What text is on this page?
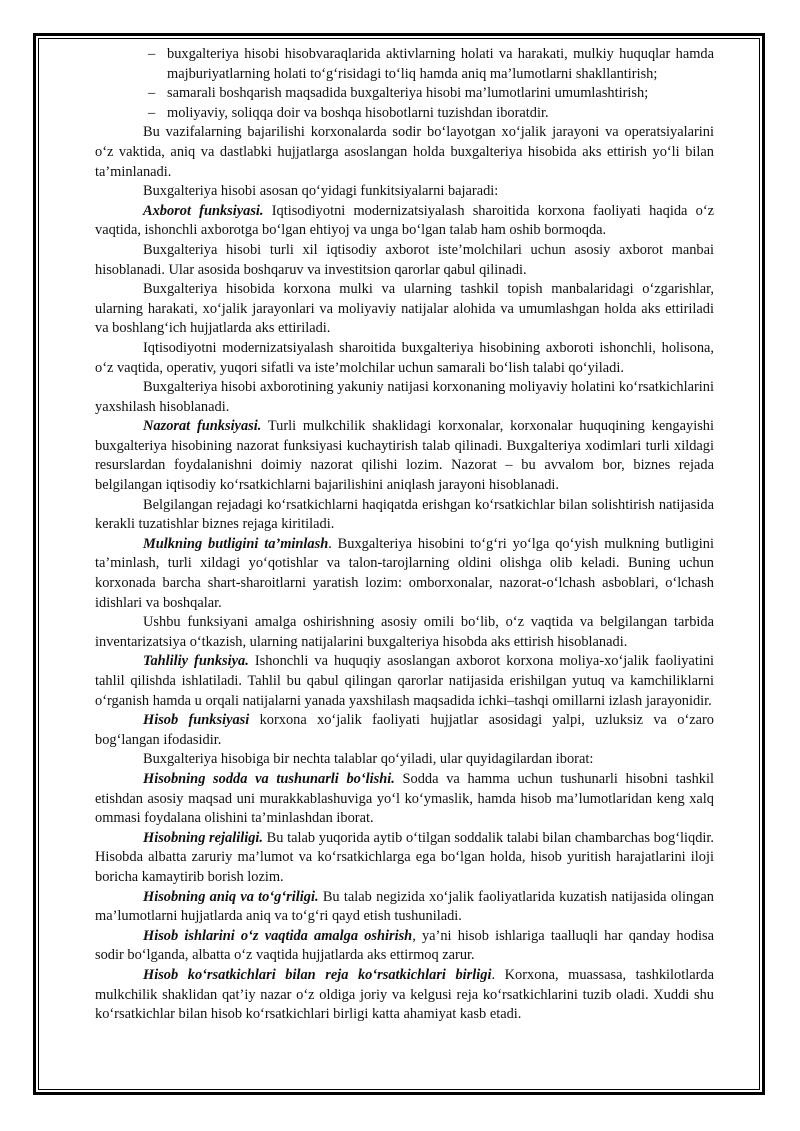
– buxgalteriya hisobi hisobvaraqlarida aktivlarning holati va harakati, mulkiy huquqlar hamda majburiyatlarning holati to‘g‘risidagi to‘liq hamda aniq ma’lumotlarni shakllantirish;
– samarali boshqarish maqsadida buxgalteriya hisobi ma’lumotlarini umumlashtirish;
– moliyaviy, soliqqa doir va boshqa hisobotlarni tuzishdan iboratdir.

Bu vazifalarning bajarilishi korxonalarda sodir bo‘layotgan xo‘jalik jarayoni va operatsiyalarini o‘z vaktida, aniq va dastlabki hujjatlarga asoslangan holda buxgalteriya hisobida aks ettirish yo‘li bilan ta’minlanadi.

Buxgalteriya hisobi asosan qo‘yidagi funkitsiyalarni bajaradi:

Axborot funksiyasi. Iqtisodiyotni modernizatsiyalash sharoitida korxona faoliyati haqida o‘z vaqtida, ishonchli axborotga bo‘lgan ehtiyoj va unga bo‘lgan talab ham oshib bormoqda.

Buxgalteriya hisobi turli xil iqtisodiy axborot iste’molchilari uchun asosiy axborot manbai hisoblanadi. Ular asosida boshqaruv va investitsion qarorlar qabul qilinadi.

Buxgalteriya hisobida korxona mulki va ularning tashkil topish manbalaridagi o‘zgarishlar, ularning harakati, xo‘jalik jarayonlari va moliyaviy natijalar alohida va umumlashgan holda aks ettiriladi va boshlang‘ich hujjatlarda aks ettiriladi.

Iqtisodiyotni modernizatsiyalash sharoitida buxgalteriya hisobining axboroti ishonchli, holisona, o‘z vaqtida, operativ, yuqori sifatli va iste’molchilar uchun samarali bo‘lish talabi qo‘yiladi.

Buxgalteriya hisobi axborotining yakuniy natijasi korxonaning moliyaviy holatini ko‘rsatkichlarini yaxshilash hisoblanadi.

Nazorat funksiyasi. Turli mulkchilik shaklidagi korxonalar, korxonalar huquqining kengayishi buxgalteriya hisobining nazorat funksiyasi kuchaytirish talab qilinadi. Buxgalteriya xodimlari turli xildagi resurslardan foydalanishni doimiy nazorat qilishi lozim. Nazorat – bu avvalom bor, biznes rejada belgilangan iqtisodiy ko‘rsatkichlarni bajarilishini aniqlash jarayoni hisoblanadi.

Belgilangan rejadagi ko‘rsatkichlarni haqiqatda erishgan ko‘rsatkichlar bilan solishtirish natijasida kerakli tuzatishlar biznes rejaga kiritiladi.

Mulkning butligini ta’minlash. Buxgalteriya hisobini to‘g‘ri yo‘lga qo‘yish mulkning butligini ta’minlash, turli xildagi yo‘qotishlar va talon-tarojlarning oldini olishga olib keladi. Buning uchun korxonada barcha shart-sharoitlarni yaratish lozim: omborxonalar, nazorat-o‘lchash asboblari, o‘lchash idishlari va boshqalar.

Ushbu funksiyani amalga oshirishning asosiy omili bo‘lib, o‘z vaqtida va belgilangan tarbida inventarizatsiya o‘tkazish, ularning natijalarini buxgalteriya hisobda aks ettirish hisoblanadi.

Tahliliy funksiya. Ishonchli va huquqiy asoslangan axborot korxona moliya-xo‘jalik faoliyatini tahlil qilishda ishlatiladi. Tahlil bu qabul qilingan qarorlar natijasida erishilgan yutuq va kamchiliklarni o‘rganish hamda u orqali natijalarni yanada yaxshilash maqsadida ichki–tashqi omillarni izlash jarayonidir.

Hisob funksiyasi korxona xo‘jalik faoliyati hujjatlar asosidagi yalpi, uzluksiz va o‘zaro bog‘langan ifodasidir.

Buxgalteriya hisobiga bir nechta talablar qo‘yiladi, ular quyidagilardan iborat:

Hisobning sodda va tushunarli bo‘lishi. Sodda va hamma uchun tushunarli hisobni tashkil etishdan asosiy maqsad uni murakkablashuviga yo‘l ko‘ymaslik, hamda hisob ma’lumotlaridan keng xalq ommasi foydalana olishini ta’minlashdan iborat.

Hisobning rejaliligi. Bu talab yuqorida aytib o‘tilgan soddalik talabi bilan chambarchas bog‘liqdir. Hisobda albatta zaruriy ma’lumot va ko‘rsatkichlarga ega bo‘lgan holda, hisob yuritish harajatlarini iloji boricha kamaytirib borish lozim.

Hisobning aniq va to‘g‘riligi. Bu talab negizida xo‘jalik faoliyatlarida kuzatish natijasida olingan ma’lumotlarni hujjatlarda aniq va to‘g‘ri qayd etish tushuniladi.

Hisob ishlarini o‘z vaqtida amalga oshirish, ya’ni hisob ishlariga taalluqli har qanday hodisa sodir bo‘lganda, albatta o‘z vaqtida hujjatlarda aks ettirmoq zarur.

Hisob ko‘rsatkichlari bilan reja ko‘rsatkichlari birligi. Korxona, muassasa, tashkilotlarda mulkchilik shaklidan qat’iy nazar o‘z oldiga joriy va kelgusi reja ko‘rsatkichlarini tuzib oladi. Xuddi shu ko‘rsatkichlar bilan hisob ko‘rsatkichlari birligi katta ahamiyat kasb etadi.
